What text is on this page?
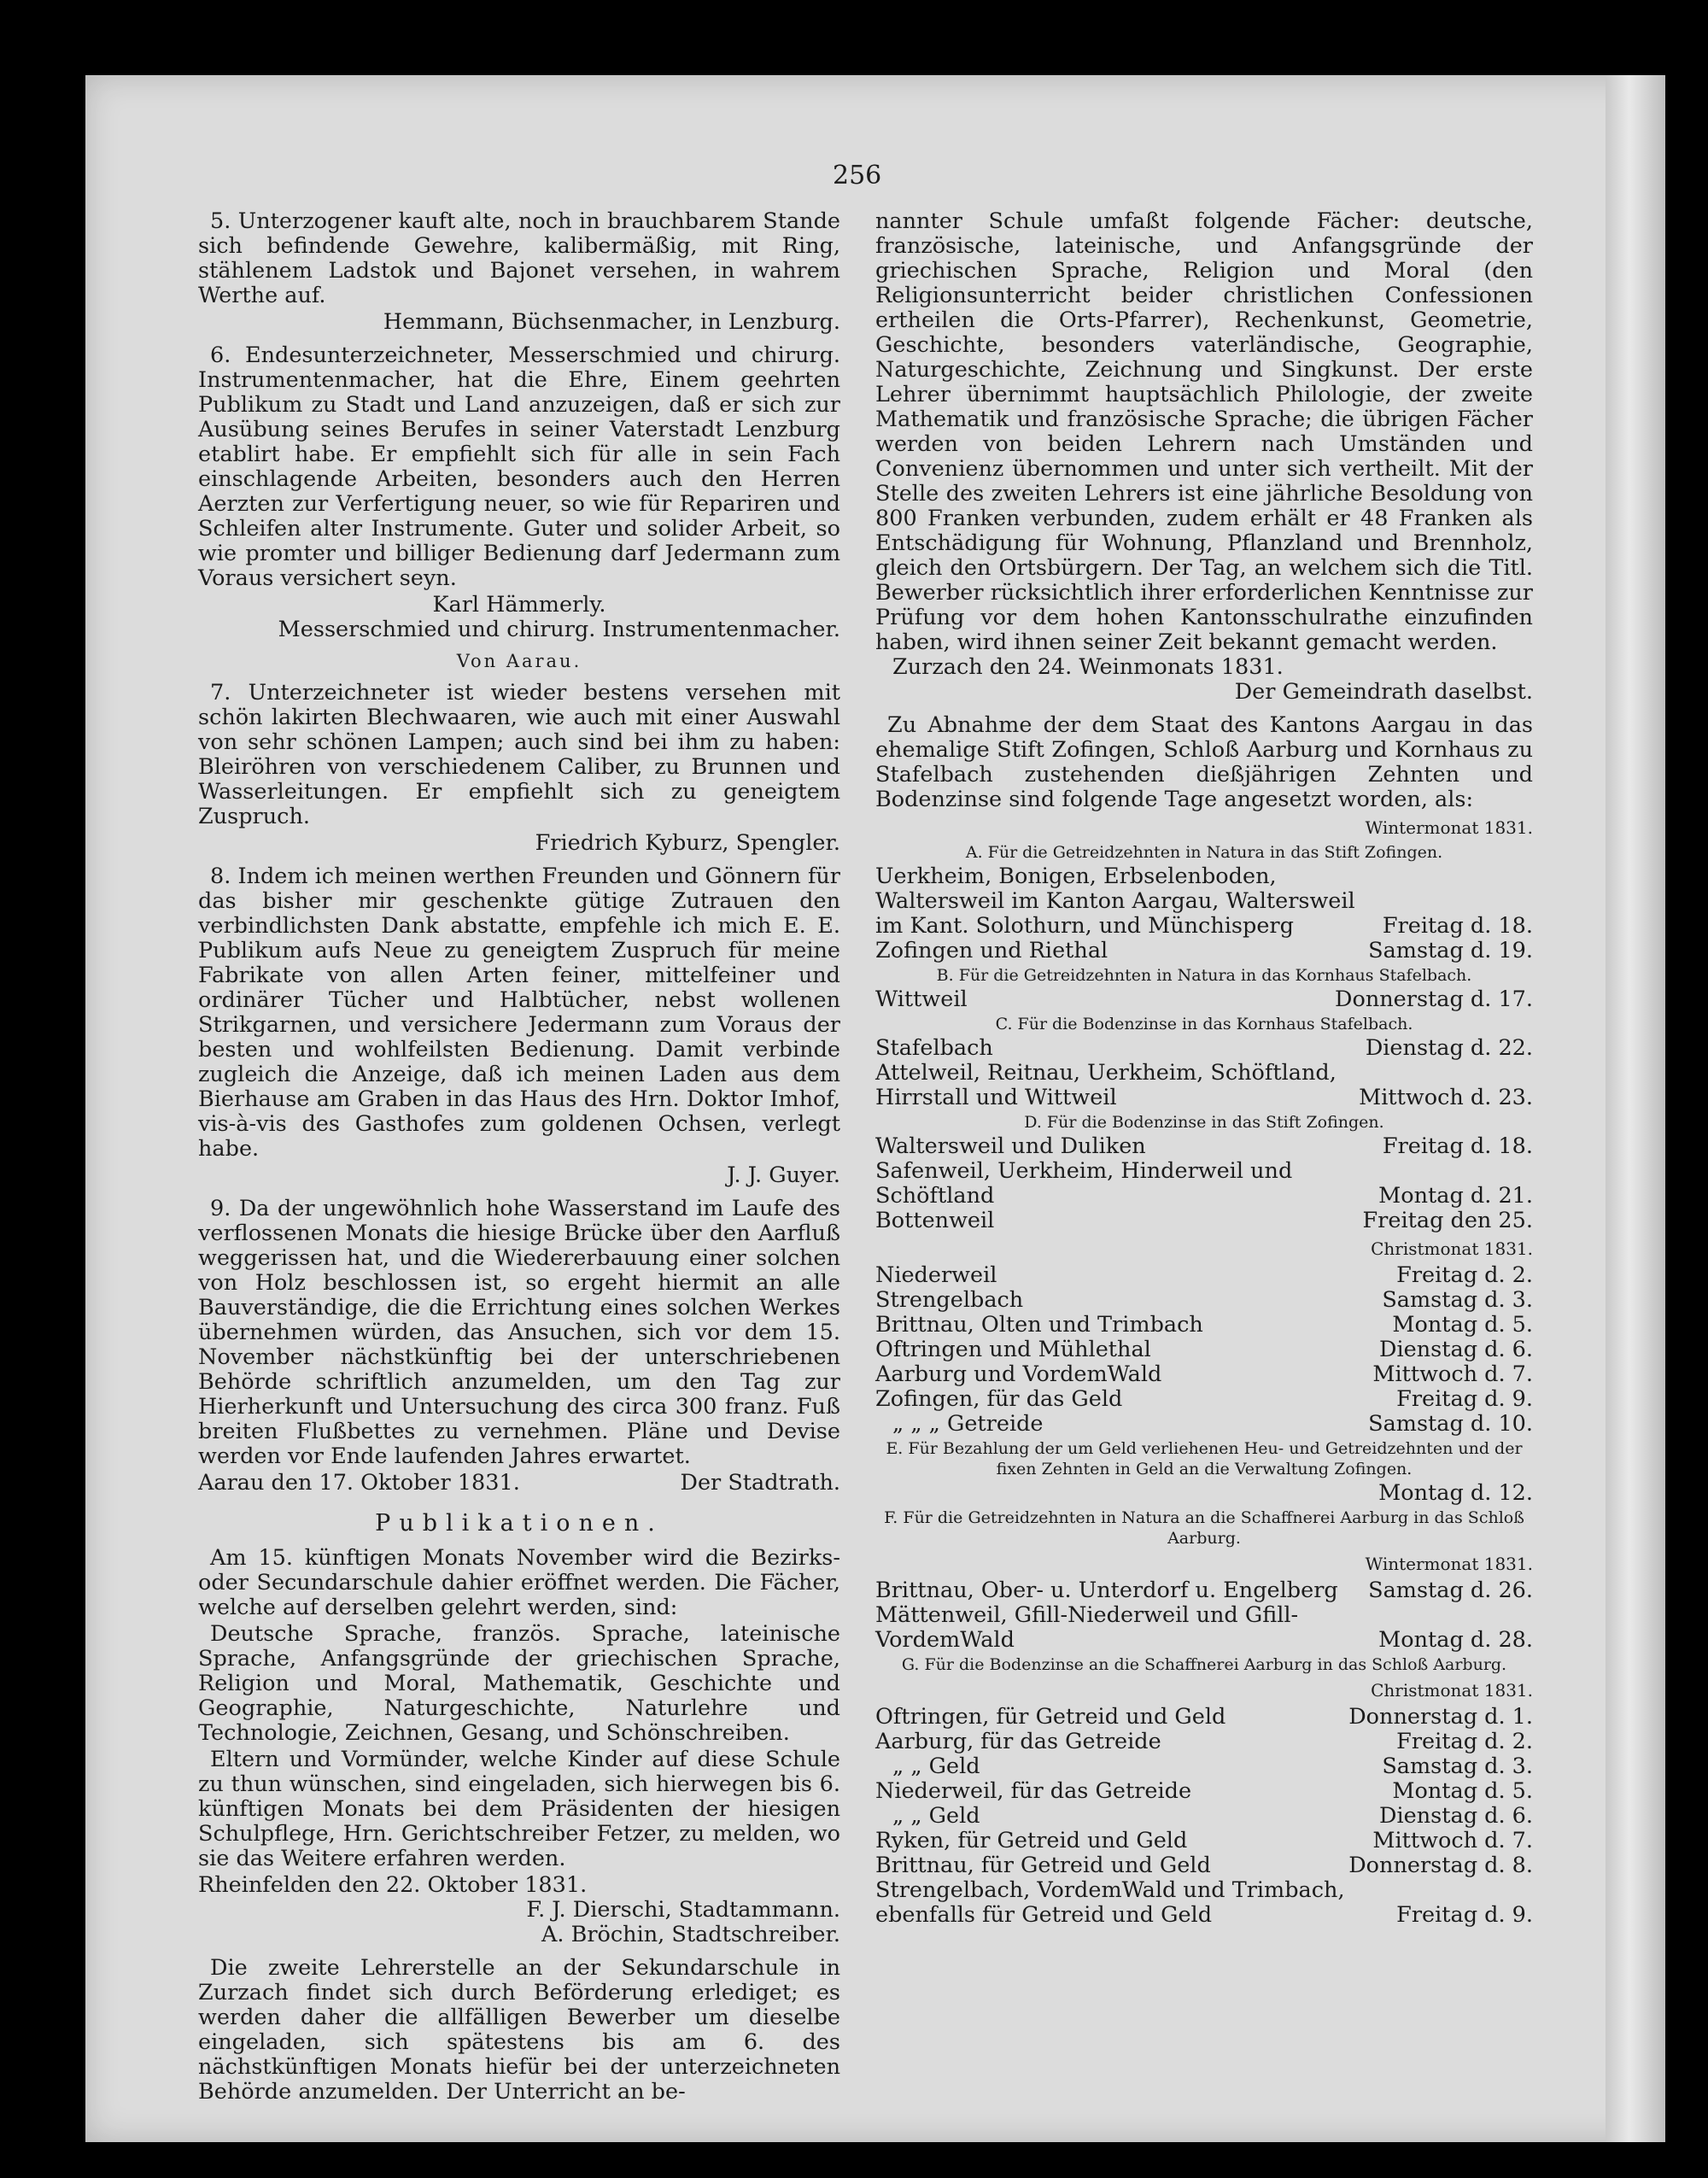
256

5. Unterzogener kauft alte, noch in brauchbarem Stande sich befindende Gewehre, kalibermäßig, mit Ring, stählenem Ladstok und Bajonet versehen, in wahrem Werthe auf.

Hemmann, Büchsenmacher, in Lenzburg.

6. Endesunterzeichneter, Messerschmied und chirurg. Instrumentenmacher, hat die Ehre, Einem geehrten Publikum zu Stadt und Land anzuzeigen, daß er sich zur Ausübung seines Berufes in seiner Vaterstadt Lenzburg etablirt habe. Er empfiehlt sich für alle in sein Fach einschlagende Arbeiten, besonders auch den Herren Aerzten zur Verfertigung neuer, so wie für Repariren und Schleifen alter Instrumente. Guter und solider Arbeit, so wie promter und billiger Bedienung darf Jedermann zum Voraus versichert seyn.

Karl Hämmerly.

Messerschmied und chirurg. Instrumentenmacher.

Von Aarau.

7. Unterzeichneter ist wieder bestens versehen mit schön lakirten Blechwaaren, wie auch mit einer Auswahl von sehr schönen Lampen; auch sind bei ihm zu haben: Bleiröhren von verschiedenem Caliber, zu Brunnen und Wasserleitungen. Er empfiehlt sich zu geneigtem Zuspruch.

Friedrich Kyburz, Spengler.

8. Indem ich meinen werthen Freunden und Gönnern für das bisher mir geschenkte gütige Zutrauen den verbindlichsten Dank abstatte, empfehle ich mich E. E. Publikum aufs Neue zu geneigtem Zuspruch für meine Fabrikate von allen Arten feiner, mittelfeiner und ordinärer Tücher und Halbtücher, nebst wollenen Strikgarnen, und versichere Jedermann zum Voraus der besten und wohlfeilsten Bedienung. Damit verbinde zugleich die Anzeige, daß ich meinen Laden aus dem Bierhause am Graben in das Haus des Hrn. Doktor Imhof, vis-à-vis des Gasthofes zum goldenen Ochsen, verlegt habe.

J. J. Guyer.

9. Da der ungewöhnlich hohe Wasserstand im Laufe des verflossenen Monats die hiesige Brücke über den Aarfluß weggerissen hat, und die Wiedererbauung einer solchen von Holz beschlossen ist, so ergeht hiermit an alle Bauverständige, die die Errichtung eines solchen Werkes übernehmen würden, das Ansuchen, sich vor dem 15. November nächstkünftig bei der unterschriebenen Behörde schriftlich anzumelden, um den Tag zur Hierherkunft und Untersuchung des circa 300 franz. Fuß breiten Flußbettes zu vernehmen. Pläne und Devise werden vor Ende laufenden Jahres erwartet.

Aarau den 17. Oktober 1831.	Der Stadtrath.

Publikationen.

Am 15. künftigen Monats November wird die Bezirks- oder Secundarschule dahier eröffnet werden. Die Fächer, welche auf derselben gelehrt werden, sind:

Deutsche Sprache, französ. Sprache, lateinische Sprache, Anfangsgründe der griechischen Sprache, Religion und Moral, Mathematik, Geschichte und Geographie, Naturgeschichte, Naturlehre und Technologie, Zeichnen, Gesang, und Schönschreiben.

Eltern und Vormünder, welche Kinder auf diese Schule zu thun wünschen, sind eingeladen, sich hierwegen bis 6. künftigen Monats bei dem Präsidenten der hiesigen Schulpflege, Hrn. Gerichtschreiber Fetzer, zu melden, wo sie das Weitere erfahren werden.

Rheinfelden den 22. Oktober 1831.

F. J. Dierschi, Stadtammann.

A. Bröchin, Stadtschreiber.

Die zweite Lehrerstelle an der Sekundarschule in Zurzach findet sich durch Beförderung erlediget; es werden daher die allfälligen Bewerber um dieselbe eingeladen, sich spätestens bis am 6. des nächstkünftigen Monats hiefür bei der unterzeichneten Behörde anzumelden. Der Unterricht an be-

nannter Schule umfaßt folgende Fächer: deutsche, französische, lateinische, und Anfangsgründe der griechischen Sprache, Religion und Moral (den Religionsunterricht beider christlichen Confessionen ertheilen die Orts-Pfarrer), Rechenkunst, Geometrie, Geschichte, besonders vaterländische, Geographie, Naturgeschichte, Zeichnung und Singkunst. Der erste Lehrer übernimmt hauptsächlich Philologie, der zweite Mathematik und französische Sprache; die übrigen Fächer werden von beiden Lehrern nach Umständen und Convenienz übernommen und unter sich vertheilt. Mit der Stelle des zweiten Lehrers ist eine jährliche Besoldung von 800 Franken verbunden, zudem erhält er 48 Franken als Entschädigung für Wohnung, Pflanzland und Brennholz, gleich den Ortsbürgern. Der Tag, an welchem sich die Titl. Bewerber rücksichtlich ihrer erforderlichen Kenntnisse zur Prüfung vor dem hohen Kantonsschulrathe einzufinden haben, wird ihnen seiner Zeit bekannt gemacht werden.

Zurzach den 24. Weinmonats 1831.

Der Gemeindrath daselbst.

Zu Abnahme der dem Staat des Kantons Aargau in das ehemalige Stift Zofingen, Schloß Aarburg und Kornhaus zu Stafelbach zustehenden dießjährigen Zehnten und Bodenzinse sind folgende Tage angesetzt worden, als:

Wintermonat 1831.

A. Für die Getreidzehnten in Natura in das Stift Zofingen.

Uerkheim, Bonigen, Erbselenboden, Waltersweil im Kanton Aargau, Waltersweil im Kant. Solothurn, und Münchisperg	Freitag d. 18.
Zofingen und Riethal	Samstag d. 19.

B. Für die Getreidzehnten in Natura in das Kornhaus Stafelbach.

Wittweil	Donnerstag d. 17.

C. Für die Bodenzinse in das Kornhaus Stafelbach.

Stafelbach	Dienstag d. 22.
Attelweil, Reitnau, Uerkheim, Schöftland, Hirrstall und Wittweil	Mittwoch d. 23.

D. Für die Bodenzinse in das Stift Zofingen.

Waltersweil und Duliken	Freitag d. 18.
Safenweil, Uerkheim, Hinderweil und Schöftland	Montag d. 21.
Bottenweil	Freitag den 25.

Christmonat 1831.

Niederweil	Freitag d. 2.
Strengelbach	Samstag d. 3.
Brittnau, Olten und Trimbach	Montag d. 5.
Oftringen und Mühlethal	Dienstag d. 6.
Aarburg und VordemWald	Mittwoch d. 7.
Zofingen, für das Geld	Freitag d. 9.
„ „ „ Getreide	Samstag d. 10.

E. Für Bezahlung der um Geld verliehenen Heu- und Getreidzehnten und der fixen Zehnten in Geld an die Verwaltung Zofingen.

Montag d. 12.

F. Für die Getreidzehnten in Natura an die Schaffnerei Aarburg in das Schloß Aarburg.

Wintermonat 1831.

Brittnau, Ober- u. Unterdorf u. Engelberg	Samstag d. 26.
Mättenweil, Gfill-Niederweil und Gfill-VordemWald	Montag d. 28.

G. Für die Bodenzinse an die Schaffnerei Aarburg in das Schloß Aarburg.

Christmonat 1831.

Oftringen, für Getreid und Geld	Donnerstag d. 1.
Aarburg, für das Getreide	Freitag d. 2.
„ „ Geld	Samstag d. 3.
Niederweil, für das Getreide	Montag d. 5.
„ „ Geld	Dienstag d. 6.
Ryken, für Getreid und Geld	Mittwoch d. 7.
Brittnau, für Getreid und Geld	Donnerstag d. 8.
Strengelbach, VordemWald und Trimbach, ebenfalls für Getreid und Geld	Freitag d. 9.
